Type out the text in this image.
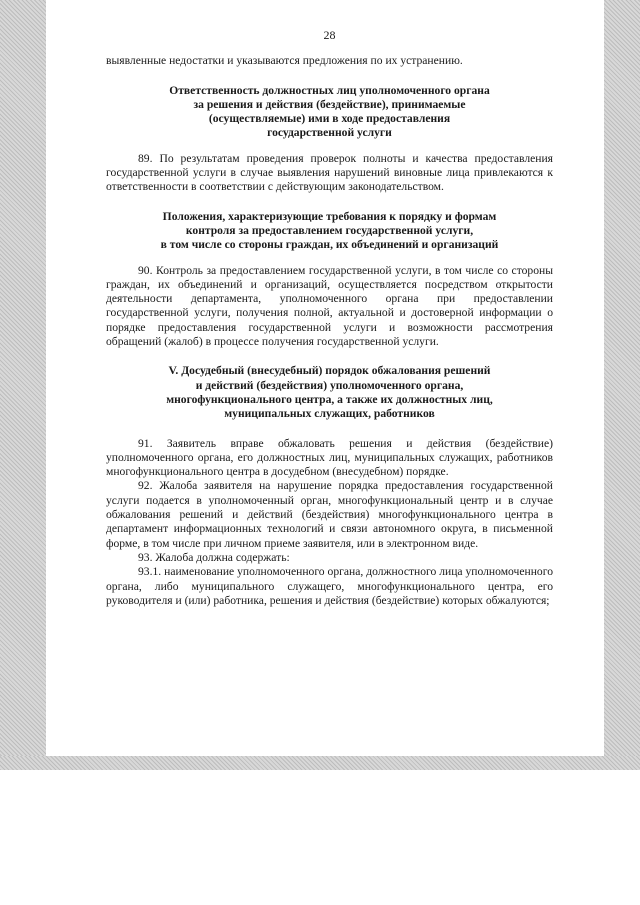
28

выявленные недостатки и указываются предложения по их устранению.

Ответственность должностных лиц уполномоченного органа

за решения и действия (бездействие), принимаемые

(осуществляемые) ими в ходе предоставления

государственной услуги

89. По результатам проведения проверок полноты и качества предоставления государственной услуги в случае выявления нарушений виновные лица привлекаются к ответственности в соответствии с действующим законодательством.

Положения, характеризующие требования к порядку и формам

контроля за предоставлением государственной услуги,

в том числе со стороны граждан, их объединений и организаций

90. Контроль за предоставлением государственной услуги, в том числе со стороны граждан, их объединений и организаций, осуществляется посредством открытости деятельности департамента, уполномоченного органа при предоставлении государственной услуги, получения полной, актуальной и достоверной информации о порядке предоставления государственной услуги и возможности рассмотрения обращений (жалоб) в процессе получения государственной услуги.

V. Досудебный (внесудебный) порядок обжалования решений

и действий (бездействия) уполномоченного органа,

многофункционального центра, а также их должностных лиц,

муниципальных служащих, работников

91. Заявитель вправе обжаловать решения и действия (бездействие) уполномоченного органа, его должностных лиц, муниципальных служащих, работников многофункционального центра в досудебном (внесудебном) порядке.

92. Жалоба заявителя на нарушение порядка предоставления государственной услуги подается в уполномоченный орган, многофункциональный центр и в случае обжалования решений и действий (бездействия) многофункционального центра в департамент информационных технологий и связи автономного округа, в письменной форме, в том числе при личном приеме заявителя, или в электронном виде.

93. Жалоба должна содержать:

93.1. наименование уполномоченного органа, должностного лица уполномоченного органа, либо муниципального служащего, многофункционального центра, его руководителя и (или) работника, решения и действия (бездействие) которых обжалуются;
